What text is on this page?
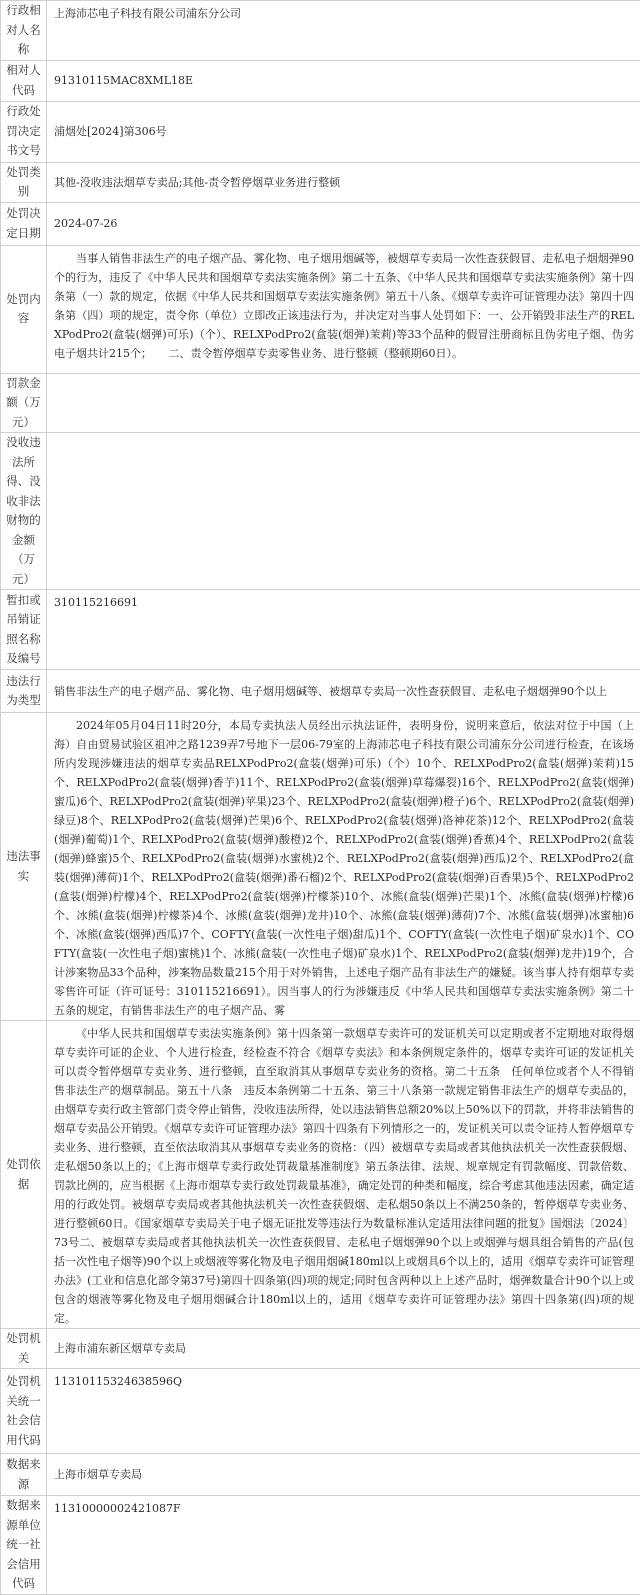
行政相对人名称	上海沛芯电子科技有限公司浦东分公司

相对人代码	91310115MAC8XML18E

行政处罚决定书文号	浦烟处[2024]第306号

处罚类别	其他-没收违法烟草专卖品;其他-责令暂停烟草业务进行整顿

处罚决定日期	2024-07-26

处罚内容	当事人销售非法生产的电子烟产品、雾化物、电子烟用烟碱等，被烟草专卖局一次性查获假冒、走私电子烟烟弹90个的行为，违反了《中华人民共和国烟草专卖法实施条例》第二十五条、《中华人民共和国烟草专卖法实施条例》第十四条第（一）款的规定，依据《中华人民共和国烟草专卖法实施条例》第五十八条、《烟草专卖许可证管理办法》第四十四条第（四）项的规定，责令你（单位）立即改正该违法行为，并决定对当事人处罚如下：一、公开销毁非法生产的RELXPodPro2(盒装(烟弹)可乐)（个）、RELXPodPro2(盒装(烟弹)茉莉)等33个品种的假冒注册商标且伪劣电子烟、伪劣电子烟共计215个；　　二、责令暂停烟草专卖零售业务、进行整顿（整顿期60日）。

罚款金额（万元）	

没收违法所得、没收非法财物的金额（万元）	

暂扣或吊销证照名称及编号	310115216691

违法行为类型	销售非法生产的电子烟产品、雾化物、电子烟用烟碱等、被烟草专卖局一次性查获假冒、走私电子烟烟弹90个以上

违法事实	2024年05月04日11时20分，本局专卖执法人员经出示执法证件，表明身份，说明来意后，依法对位于中国（上海）自由贸易试验区祖冲之路1239弄7号地下一层06-79室的上海沛芯电子科技有限公司浦东分公司进行检查，在该场所内发现涉嫌违法的烟草专卖品RELXPodPro2(盒装(烟弹)可乐)（个）10个、RELXPodPro2(盒装(烟弹)茉莉)15个、RELXPodPro2(盒装(烟弹)香芋)11个、RELXPodPro2(盒装(烟弹)草莓爆裂)16个、RELXPodPro2(盒装(烟弹)蜜瓜)6个、RELXPodPro2(盒装(烟弹)苹果)23个、RELXPodPro2(盒装(烟弹)橙子)6个、RELXPodPro2(盒装(烟弹)绿豆)8个、RELXPodPro2(盒装(烟弹)芒果)6个、RELXPodPro2(盒装(烟弹)洛神花茶)12个、RELXPodPro2(盒装(烟弹)葡萄)1个、RELXPodPro2(盒装(烟弹)酸橙)2个、RELXPodPro2(盒装(烟弹)香蕉)4个、RELXPodPro2(盒装(烟弹)蜂蜜)5个、RELXPodPro2(盒装(烟弹)水蜜桃)2个、RELXPodPro2(盒装(烟弹)西瓜)2个、RELXPodPro2(盒装(烟弹)薄荷)1个、RELXPodPro2(盒装(烟弹)番石榴)2个、RELXPodPro2(盒装(烟弹)百香果)5个、RELXPodPro2(盒装(烟弹)柠檬)4个、RELXPodPro2(盒装(烟弹)柠檬茶)10个、冰熊(盒装(烟弹)芒果)1个、冰熊(盒装(烟弹)柠檬)6个、冰熊(盒装(烟弹)柠檬茶)4个、冰熊(盒装(烟弹)龙井)10个、冰熊(盒装(烟弹)薄荷)7个、冰熊(盒装(烟弹)冰蜜柚)6个、冰熊(盒装(烟弹)西瓜)7个、COFTY(盒装(一次性电子烟)甜瓜)1个、COFTY(盒装(一次性电子烟)矿泉水)1个、COFTY(盒装(一次性电子烟)蜜桃)1个、冰熊(盒装(一次性电子烟)矿泉水)1个、RELXPodPro2(盒装(烟弹)龙井)19个，合计涉案物品33个品种，涉案物品数量215个用于对外销售，上述电子烟产品有非法生产的嫌疑。该当事人持有烟草专卖零售许可证（许可证号：310115216691）。因当事人的行为涉嫌违反《中华人民共和国烟草专卖法实施条例》第二十五条的规定，有销售非法生产的电子烟产品、雾

处罚依据	《中华人民共和国烟草专卖法实施条例》第十四条第一款烟草专卖许可的发证机关可以定期或者不定期地对取得烟草专卖许可证的企业、个人进行检查，经检查不符合《烟草专卖法》和本条例规定条件的，烟草专卖许可证的发证机关可以责令暂停烟草专卖业务、进行整顿，直至取消其从事烟草专卖业务的资格。第二十五条　任何单位或者个人不得销售非法生产的烟草制品。第五十八条　违反本条例第二十五条、第三十八条第一款规定销售非法生产的烟草专卖品的，由烟草专卖行政主管部门责令停止销售，没收违法所得，处以违法销售总额20%以上50%以下的罚款，并将非法销售的烟草专卖品公开销毁。《烟草专卖许可证管理办法》第四十四条有下列情形之一的，发证机关可以责令证持人暂停烟草专卖业务、进行整顿，直至依法取消其从事烟草专卖业务的资格：（四）被烟草专卖局或者其他执法机关一次性查获假烟、走私烟50条以上的；《上海市烟草专卖行政处罚裁量基准制度》第五条法律、法规、规章规定有罚款幅度、罚款倍数、罚款比例的，应当根据《上海市烟草专卖行政处罚裁量基准》，确定处罚的种类和幅度，综合考虑其他违法因素，确定适用的行政处罚。被烟草专卖局或者其他执法机关一次性查获假烟、走私烟50条以上不满250条的，暂停烟草专卖业务、进行整顿60日。《国家烟草专卖局关于电子烟无证批发等违法行为数量标准认定适用法律问题的批复》国烟法〔2024〕73号二、被烟草专卖局或者其他执法机关一次性查获假冒、走私电子烟烟弹90个以上或烟弹与烟具组合销售的产品(包括一次性电子烟等)90个以上或烟液等雾化物及电子烟用烟碱180ml以上或烟具6个以上的，适用《烟草专卖许可证管理办法》(工业和信息化部令第37号)第四十四条第(四)项的规定;同时包含两种以上上述产品时，烟弹数量合计90个以上或包含的烟液等雾化物及电子烟用烟碱合计180ml以上的，适用《烟草专卖许可证管理办法》第四十四条第(四)项的规定。

处罚机关	上海市浦东新区烟草专卖局

处罚机关统一社会信用代码	11310115324638596Q

数据来源	上海市烟草专卖局

数据来源单位统一社会信用代码	11310000002421087F
